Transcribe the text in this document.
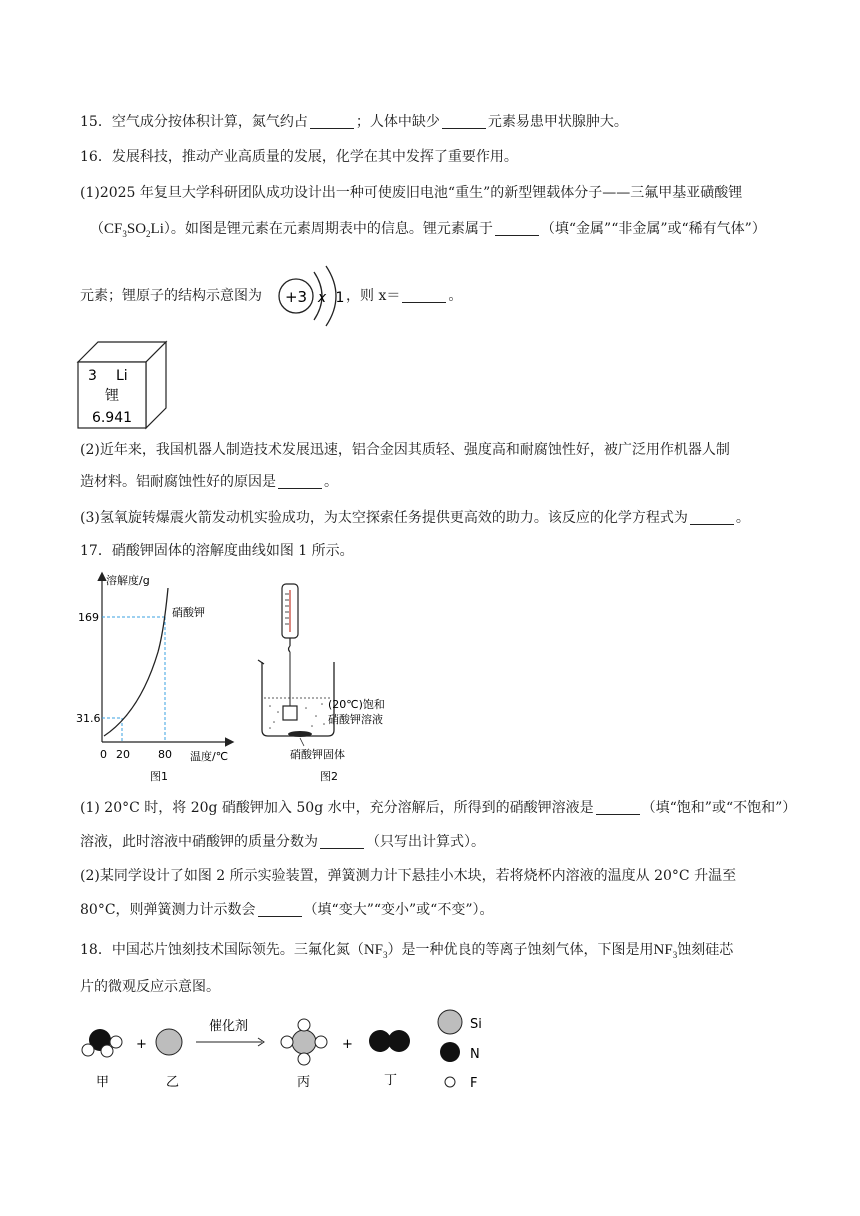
15．空气成分按体积计算，氮气约占	；人体中缺少	元素易患甲状腺肿大。
16．发展科技，推动产业高质量的发展，化学在其中发挥了重要作用。
(1)2025 年复旦大学科研团队成功设计出一种可使废旧电池“重生”的新型锂载体分子——三氟甲基亚磺酸锂
$(CF_3SO_2Li)$。如图是锂元素在元素周期表中的信息。锂元素属于	（填“金属”“非金属”或“稀有气体”）
元素；锂原子的结构示意图为 +3 x 1 ，则 x＝	。
3 Li
锂
6.941
(2)近年来，我国机器人制造技术发展迅速，铝合金因其质轻、强度高和耐腐蚀性好，被广泛用作机器人制
造材料。铝耐腐蚀性好的原因是	。
(3)氢氧旋转爆震火箭发动机实验成功，为太空探索任务提供更高效的助力。该反应的化学方程式为	。
17．硝酸钾固体的溶解度曲线如图 1 所示。
溶解度/g
温度/℃
硝酸钾
169
31.6
0 20	80
图1
(20℃)饱和
硝酸钾溶液
硝酸钾固体
图2
(1) 20°C 时，将 20g 硝酸钾加入 50g 水中，充分溶解后，所得到的硝酸钾溶液是	（填“饱和”或“不饱和”）
溶液，此时溶液中硝酸钾的质量分数为	（只写出计算式）。
(2)某同学设计了如图 2 所示实验装置，弹簧测力计下悬挂小木块，若将烧杯内溶液的温度从 20°C 升温至
80°C，则弹簧测力计示数会	（填“变大”“变小”或“不变”）。
18．中国芯片蚀刻技术国际领先。三氟化氮$(NF_3)$是一种优良的等离子蚀刻气体，下图是用$NF_3$蚀刻硅芯
片的微观反应示意图。
+
催化剂
+
甲	乙	丙	丁
Si
N
F
